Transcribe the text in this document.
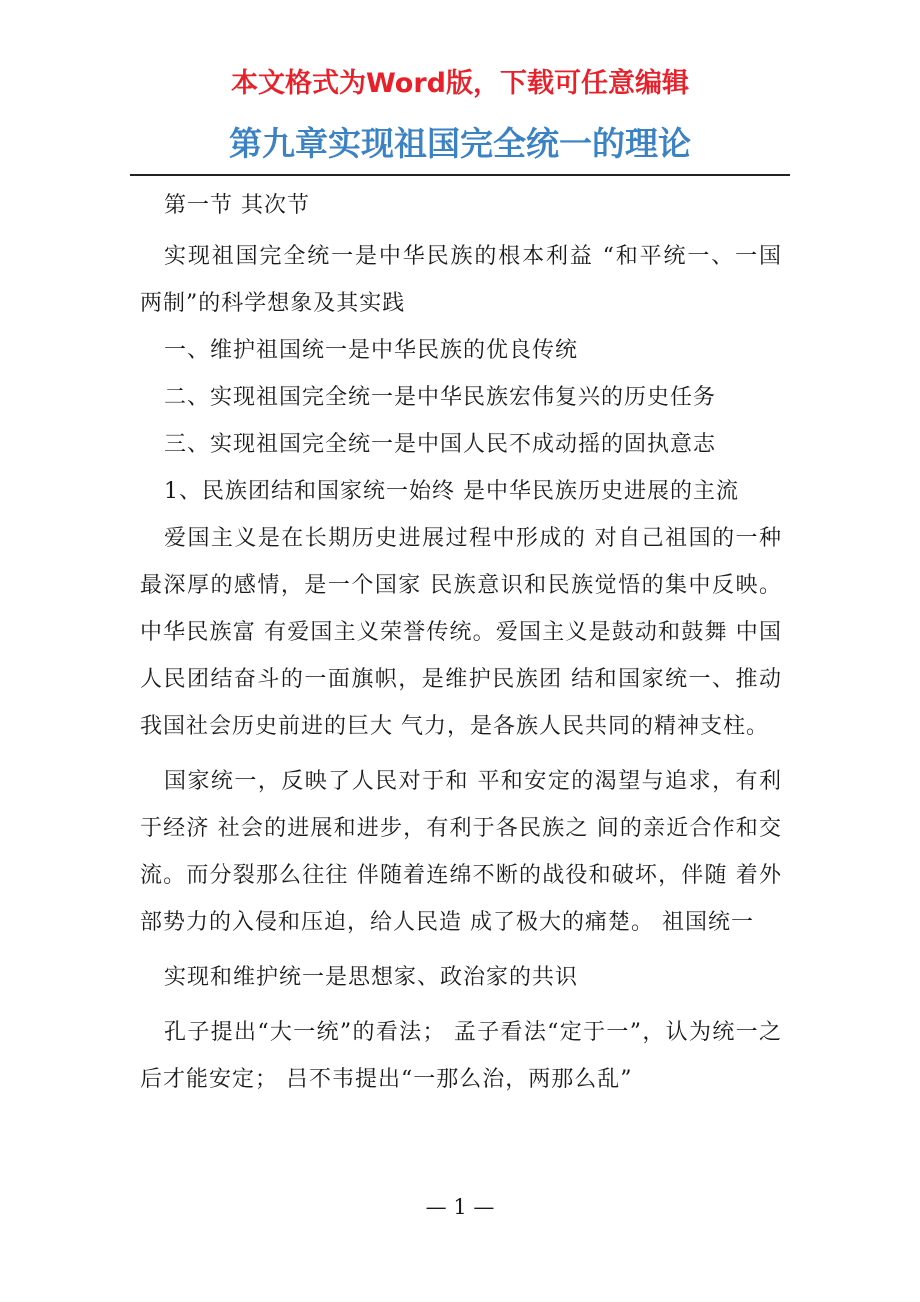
本文格式为Word版，下载可任意编辑
第九章实现祖国完全统一的理论

第一节 其次节

实现祖国完全统一是中华民族的根本利益 “和平统一、一国两制”的科学想象及其实践

一、维护祖国统一是中华民族的优良传统

二、实现祖国完全统一是中华民族宏伟复兴的历史任务

三、实现祖国完全统一是中国人民不成动摇的固执意志

1、民族团结和国家统一始终 是中华民族历史进展的主流

爱国主义是在长期历史进展过程中形成的 对自己祖国的一种最深厚的感情，是一个国家 民族意识和民族觉悟的集中反映。中华民族富 有爱国主义荣誉传统。爱国主义是鼓动和鼓舞 中国人民团结奋斗的一面旗帜，是维护民族团 结和国家统一、推动我国社会历史前进的巨大 气力，是各族人民共同的精神支柱。

国家统一，反映了人民对于和 平和安定的渴望与追求，有利于经济 社会的进展和进步，有利于各民族之 间的亲近合作和交流。而分裂那么往往 伴随着连绵不断的战役和破坏，伴随 着外部势力的入侵和压迫，给人民造 成了极大的痛楚。 祖国统一

实现和维护统一是思想家、政治家的共识

孔子提出“大一统”的看法； 孟子看法“定于一”，认为统一之后才能安定； 吕不韦提出“一那么治，两那么乱”

— 1 —
